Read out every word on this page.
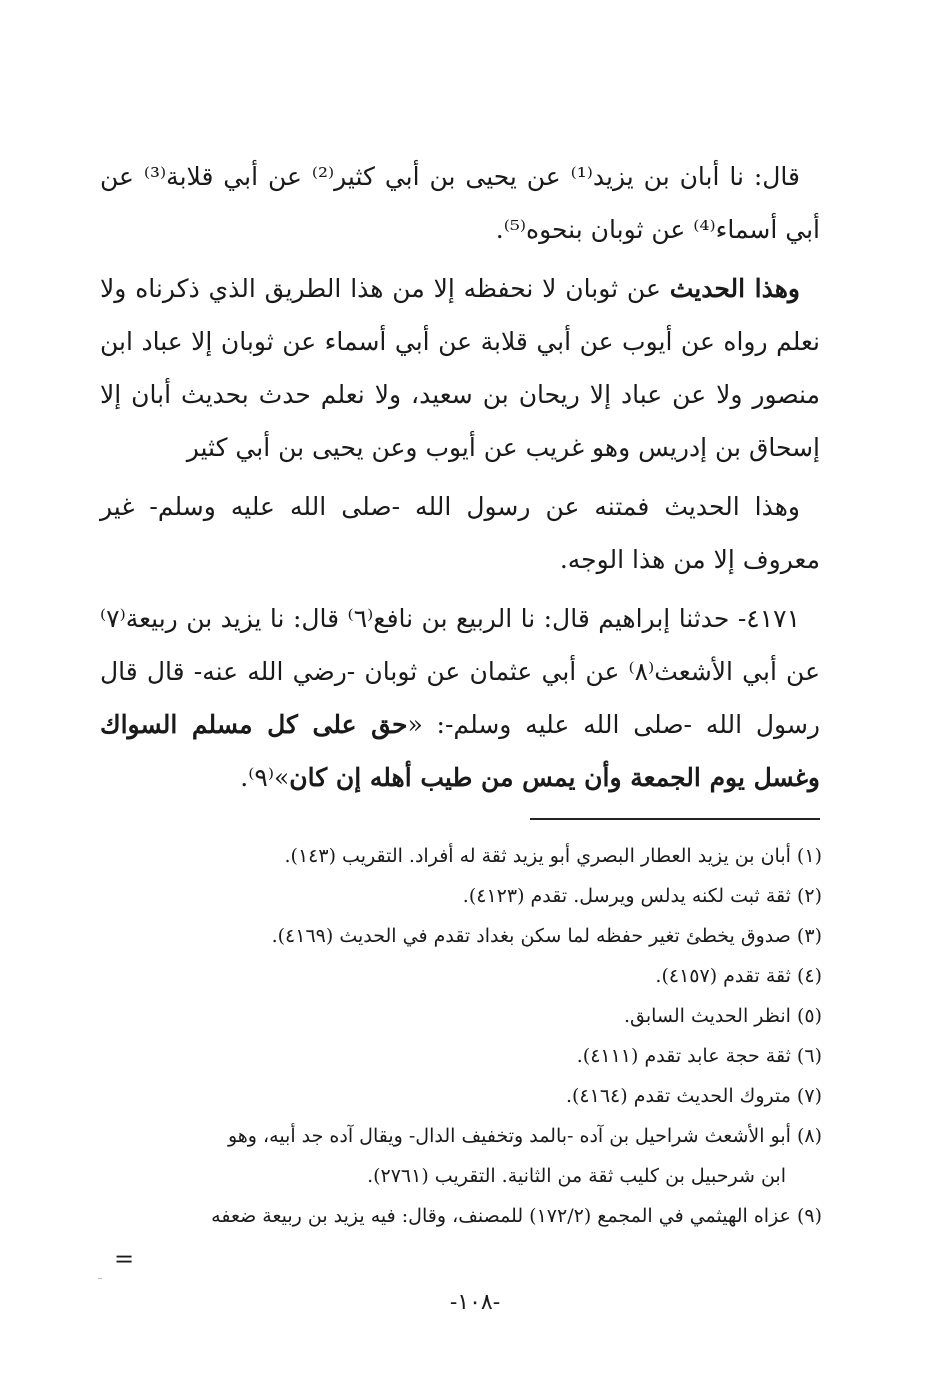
قال: نا أبان بن يزيد⁽¹⁾ عن يحيى بن أبي كثير⁽²⁾ عن أبي قلابة⁽³⁾ عن أبي أسماء⁽⁴⁾ عن ثوبان بنحوه⁽⁵⁾.

وهذا الحديث عن ثوبان لا نحفظه إلا من هذا الطريق الذي ذكرناه ولا نعلم رواه عن أيوب عن أبي قلابة عن أبي أسماء عن ثوبان إلا عباد ابن منصور ولا عن عباد إلا ريحان بن سعيد، ولا نعلم حدث بحديث أبان إلا إسحاق بن إدريس وهو غريب عن أيوب وعن يحيى بن أبي كثير

وهذا الحديث فمتنه عن رسول الله -صلى الله عليه وسلم- غير معروف إلا من هذا الوجه.

٤١٧١- حدثنا إبراهيم قال: نا الربيع بن نافع⁽٦⁾ قال: نا يزيد بن ربيعة⁽٧⁾ عن أبي الأشعث⁽٨⁾ عن أبي عثمان عن ثوبان -رضي الله عنه- قال قال رسول الله -صلى الله عليه وسلم-: «حق على كل مسلم السواك وغسل يوم الجمعة وأن يمس من طيب أهله إن كان»⁽٩⁾.

(١) أبان بن يزيد العطار البصري أبو يزيد ثقة له أفراد. التقريب (١٤٣).

(٢) ثقة ثبت لكنه يدلس ويرسل. تقدم (٤١٢٣).

(٣) صدوق يخطئ تغير حفظه لما سكن بغداد تقدم في الحديث (٤١٦٩).

(٤) ثقة تقدم (٤١٥٧).

(٥) انظر الحديث السابق.

(٦) ثقة حجة عابد تقدم (٤١١١).

(٧) متروك الحديث تقدم (٤١٦٤).

(٨) أبو الأشعث شراحيل بن آده -بالمد وتخفيف الدال- ويقال آده جد أبيه، وهو

ابن شرحبيل بن كليب ثقة من الثانية. التقريب (٢٧٦١).

(٩) عزاه الهيثمي في المجمع (١٧٢/٢) للمصنف، وقال: فيه يزيد بن ربيعة ضعفه

=
-١٠٨-
